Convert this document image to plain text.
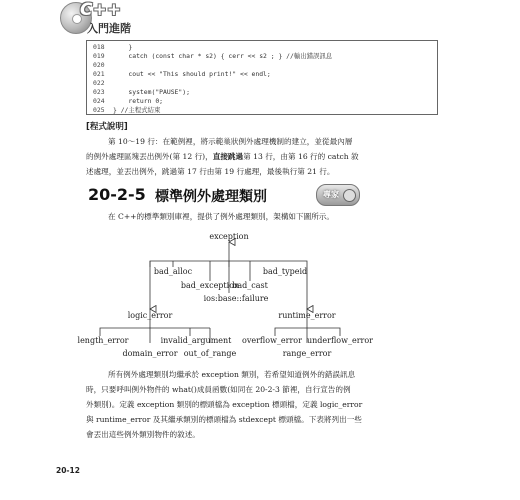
C++
入門進階
018    }
019    catch (const char * s2) { cerr << s2 ; } //輸出錯誤訊息
020
021    cout << "This should print!" << endl;
022
023    system("PAUSE");
024    return 0;
025 } //主程式結束
[程式說明]
第 10～19 行：在範例裡，將示範巢狀例外處理機制的建立，並從最內層
的例外處理區塊丟出例外(第 12 行)，直接跳過第 13 行，由第 16 行的 catch 敘
述處理，並丟出例外，跳過第 17 行由第 19 行處理，最後執行第 21 行。
20-2-5 標準例外處理類別	專家
在 C++的標準類別庫裡，提供了例外處理類別，架構如下圖所示。
exception
bad_alloc
bad_exception
bad_cast
bad_typeid
ios:base::failure
logic_error	runtime_error
length_error	invalid_argument
domain_error out_of_range
overflow_error underflow_error
range_error
所有例外處理類別均繼承於 exception 類別，若希望知道例外的錯誤訊息
時，只要呼叫例外物件的 what()成員函數(如同在 20-2-3 節裡，自行宣告的例
外類別)。定義 exception 類別的標頭檔為 exception 標頭檔，定義 logic_error
與 runtime_error 及其繼承類別的標頭檔為 stdexcept 標頭檔。下表將列出一些
會丟出這些例外類別物件的敘述。
20-12
